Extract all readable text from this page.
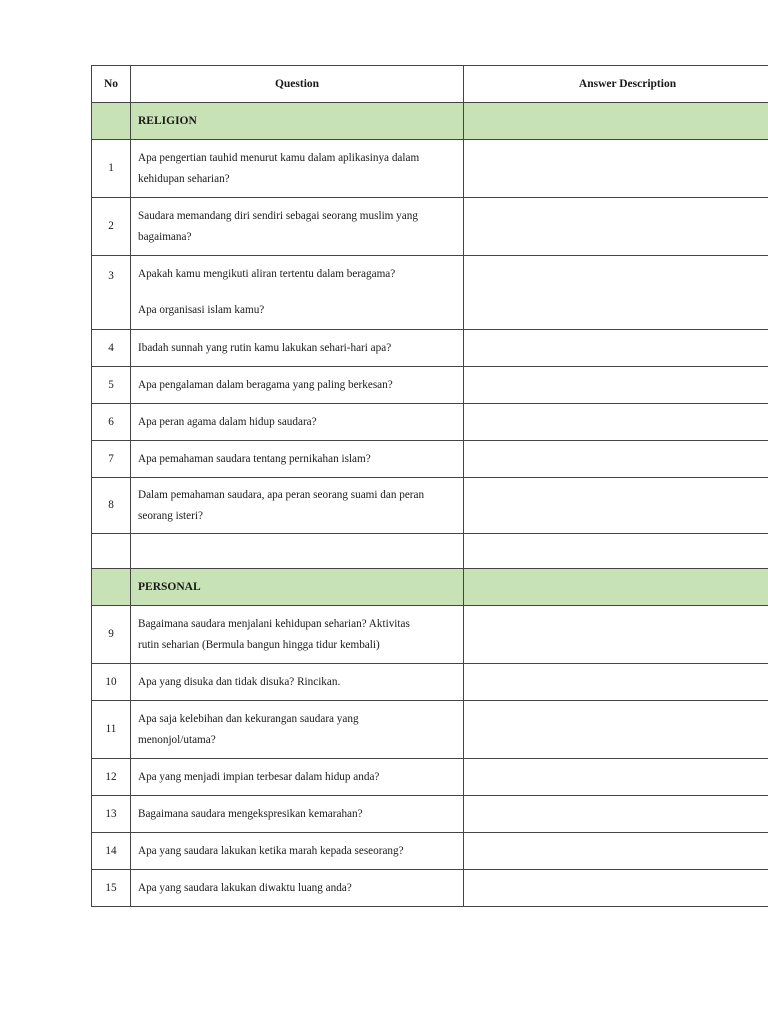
No	Question	Answer Description
	RELIGION	
1	Apa pengertian tauhid menurut kamu dalam aplikasinya dalam
kehidupan seharian?	

2	Saudara memandang diri sendiri sebagai seorang muslim yang
bagaimana?	

3	Apakah kamu mengikuti aliran tertentu dalam beragama?
Apa organisasi islam kamu?	

4	Ibadah sunnah yang rutin kamu lakukan sehari-hari apa?	

5	Apa pengalaman dalam beragama yang paling berkesan?	

6	Apa peran agama dalam hidup saudara?	

7	Apa pemahaman saudara tentang pernikahan islam?	

8	Dalam pemahaman saudara, apa peran seorang suami dan peran
seorang isteri?	

	PERSONAL	
9	Bagaimana saudara menjalani kehidupan seharian? Aktivitas
rutin seharian (Bermula bangun hingga tidur kembali)	

10	Apa yang disuka dan tidak disuka? Rincikan.	

11	Apa saja kelebihan dan kekurangan saudara yang
menonjol/utama?	

12	Apa yang menjadi impian terbesar dalam hidup anda?	

13	Bagaimana saudara mengekspresikan kemarahan?	

14	Apa yang saudara lakukan ketika marah kepada seseorang?	

15	Apa yang saudara lakukan diwaktu luang anda?	
